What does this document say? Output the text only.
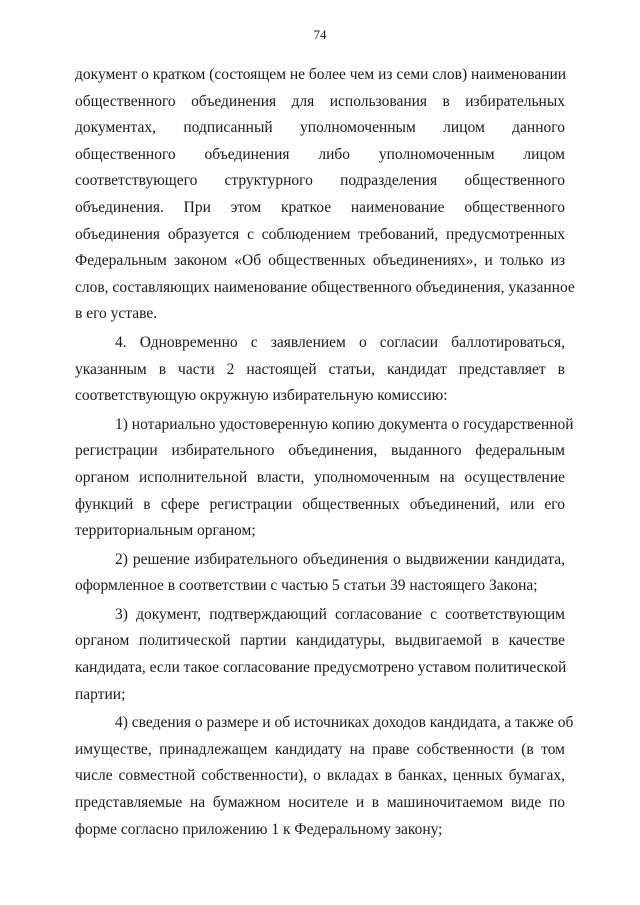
74
документ о кратком (состоящем не более чем из семи слов) наименовании
общественного объединения для использования в избирательных
документах, подписанный уполномоченным лицом данного
общественного объединения либо уполномоченным лицом
соответствующего структурного подразделения общественного
объединения. При этом краткое наименование общественного
объединения образуется с соблюдением требований, предусмотренных
Федеральным законом «Об общественных объединениях», и только из
слов, составляющих наименование общественного объединения, указанное
в его уставе.
4. Одновременно с заявлением о согласии баллотироваться,
указанным в части 2 настоящей статьи, кандидат представляет в
соответствующую окружную избирательную комиссию:
1) нотариально удостоверенную копию документа о государственной
регистрации избирательного объединения, выданного федеральным
органом исполнительной власти, уполномоченным на осуществление
функций в сфере регистрации общественных объединений, или его
территориальным органом;
2) решение избирательного объединения о выдвижении кандидата,
оформленное в соответствии с частью 5 статьи 39 настоящего Закона;
3) документ, подтверждающий согласование с соответствующим
органом политической партии кандидатуры, выдвигаемой в качестве
кандидата, если такое согласование предусмотрено уставом политической
партии;
4) сведения о размере и об источниках доходов кандидата, а также об
имуществе, принадлежащем кандидату на праве собственности (в том
числе совместной собственности), о вкладах в банках, ценных бумагах,
представляемые на бумажном носителе и в машиночитаемом виде по
форме согласно приложению 1 к Федеральному закону;
